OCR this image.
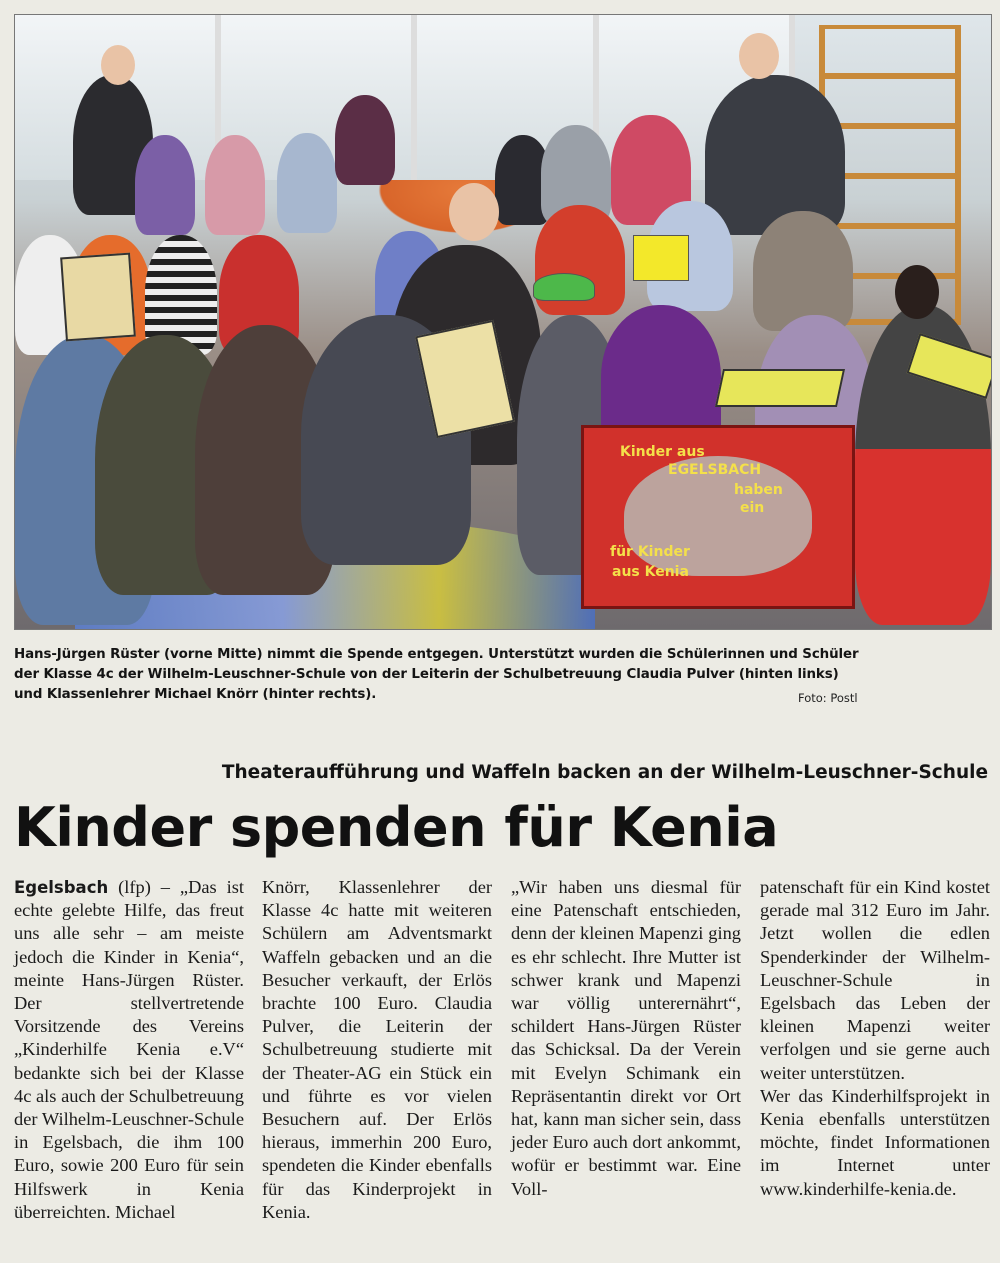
Kinder aus
EGELSBACH
haben
ein
für Kinder
aus Kenia
Hans-Jürgen Rüster (vorne Mitte) nimmt die Spende entgegen. Unterstützt wurden die Schülerinnen und Schüler der Klasse 4c der Wilhelm-Leuschner-Schule von der Leiterin der Schulbetreuung Claudia Pulver (hinten links) und Klassenlehrer Michael Knörr (hinter rechts).	Foto: Postl
Theateraufführung und Waffeln backen an der Wilhelm-Leuschner-Schule
Kinder spenden für Kenia

Egelsbach (lfp) – „Das ist echte gelebte Hilfe, das freut uns alle sehr – am meiste jedoch die Kinder in Kenia“, meinte Hans-Jürgen Rüster. Der stellvertretende Vorsitzende des Vereins „Kinderhilfe Kenia e.V“ bedankte sich bei der Klasse 4c als auch der Schulbetreuung der Wilhelm-Leuschner-Schule in Egelsbach, die ihm 100 Euro, sowie 200 Euro für sein Hilfswerk in Kenia überreichten. Michael

Knörr, Klassenlehrer der Klasse 4c hatte mit weiteren Schülern am Adventsmarkt Waffeln gebacken und an die Besucher verkauft, der Erlös brachte 100 Euro. Claudia Pulver, die Leiterin der Schulbetreuung studierte mit der Theater-AG ein Stück ein und führte es vor vielen Besuchern auf. Der Erlös hieraus, immerhin 200 Euro, spendeten die Kinder ebenfalls für das Kinderprojekt in Kenia.

„Wir haben uns diesmal für eine Patenschaft entschieden, denn der kleinen Mapenzi ging es ehr schlecht. Ihre Mutter ist schwer krank und Mapenzi war völlig unterernährt“, schildert Hans-Jürgen Rüster das Schicksal. Da der Verein mit Evelyn Schimank ein Repräsentantin direkt vor Ort hat, kann man sicher sein, dass jeder Euro auch dort ankommt, wofür er bestimmt war. Eine Voll-

patenschaft für ein Kind kostet gerade mal 312 Euro im Jahr. Jetzt wollen die edlen Spenderkinder der Wilhelm-Leuschner-Schule in Egelsbach das Leben der kleinen Mapenzi weiter verfolgen und sie gerne auch weiter unterstützen.

Wer das Kinderhilfsprojekt in Kenia ebenfalls unterstützen möchte, findet Informationen im Internet unter www.kinderhilfe-kenia.de.
